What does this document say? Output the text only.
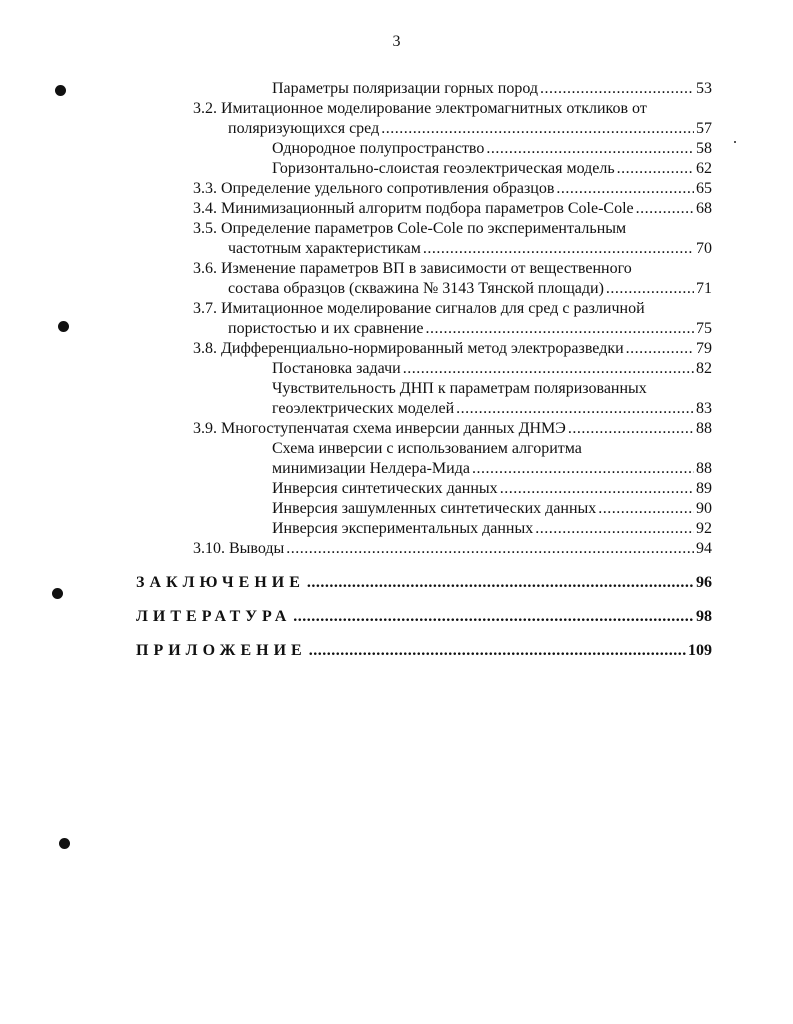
3
Параметры поляризации горных пород .....	53
3.2. Имитационное моделирование электромагнитных откликов от
поляризующихся сред .....	57
Однородное полупространство .....	58
Горизонтально-слоистая геоэлектрическая модель .....	62
3.3.
Определение удельного сопротивления образцов .....	65
3.4.
Минимизационный алгоритм подбора параметров Cole-Cole .....	68
3.5. Определение параметров Cole-Cole по экспериментальным
частотным характеристикам .....	70
3.6. Изменение параметров ВП в зависимости от вещественного
состава образцов (скважина № 3143 Тянской площади) .....	71
3.7. Имитационное моделирование сигналов для сред с различной
пористостью и их сравнение .....	75
3.8.
Дифференциально-нормированный метод электроразведки .....	79
Постановка задачи .....	82
Чувствительность ДНП к параметрам поляризованных
геоэлектрических моделей .....	83
3.9.
Многоступенчатая схема инверсии данных ДНМЭ .....	88
Схема инверсии с использованием алгоритма
минимизации Нелдера-Мида .....	88
Инверсия синтетических данных .....	89
Инверсия зашумленных синтетических данных .....	90
Инверсия экспериментальных данных .....	92
3.10.
Выводы .....	94
ЗАКЛЮЧЕНИЕ .....	96
ЛИТЕРАТУРА .....	98
ПРИЛОЖЕНИЕ .....	109
